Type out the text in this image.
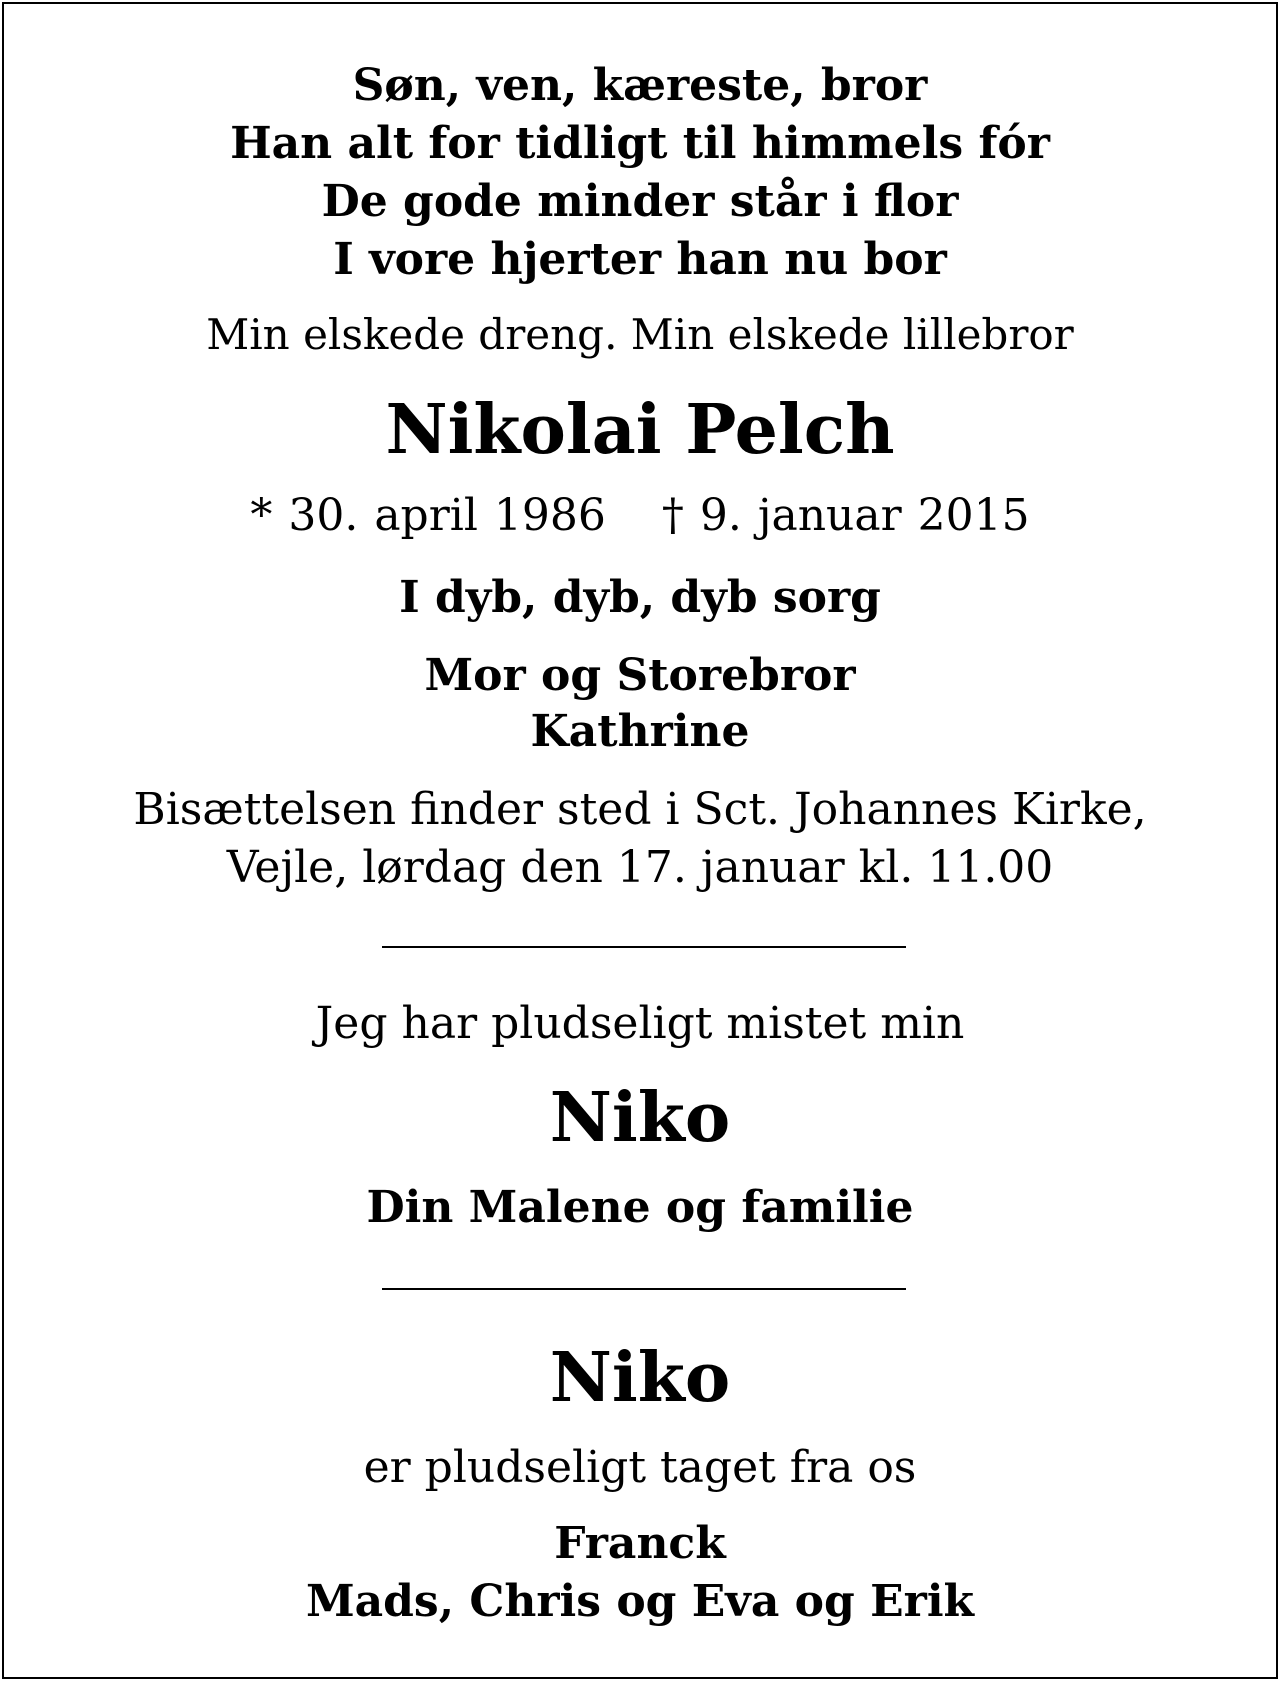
Søn, ven, kæreste, bror
Han alt for tidligt til himmels fór
De gode minder står i flor
I vore hjerter han nu bor
Min elskede dreng. Min elskede lillebror
Nikolai Pelch
* 30. april 1986 † 9. januar 2015
I dyb, dyb, dyb sorg
Mor og Storebror
Kathrine
Bisættelsen finder sted i Sct. Johannes Kirke,
Vejle, lørdag den 17. januar kl. 11.00
Jeg har pludseligt mistet min
Niko
Din Malene og familie
Niko
er pludseligt taget fra os
Franck
Mads, Chris og Eva og Erik
